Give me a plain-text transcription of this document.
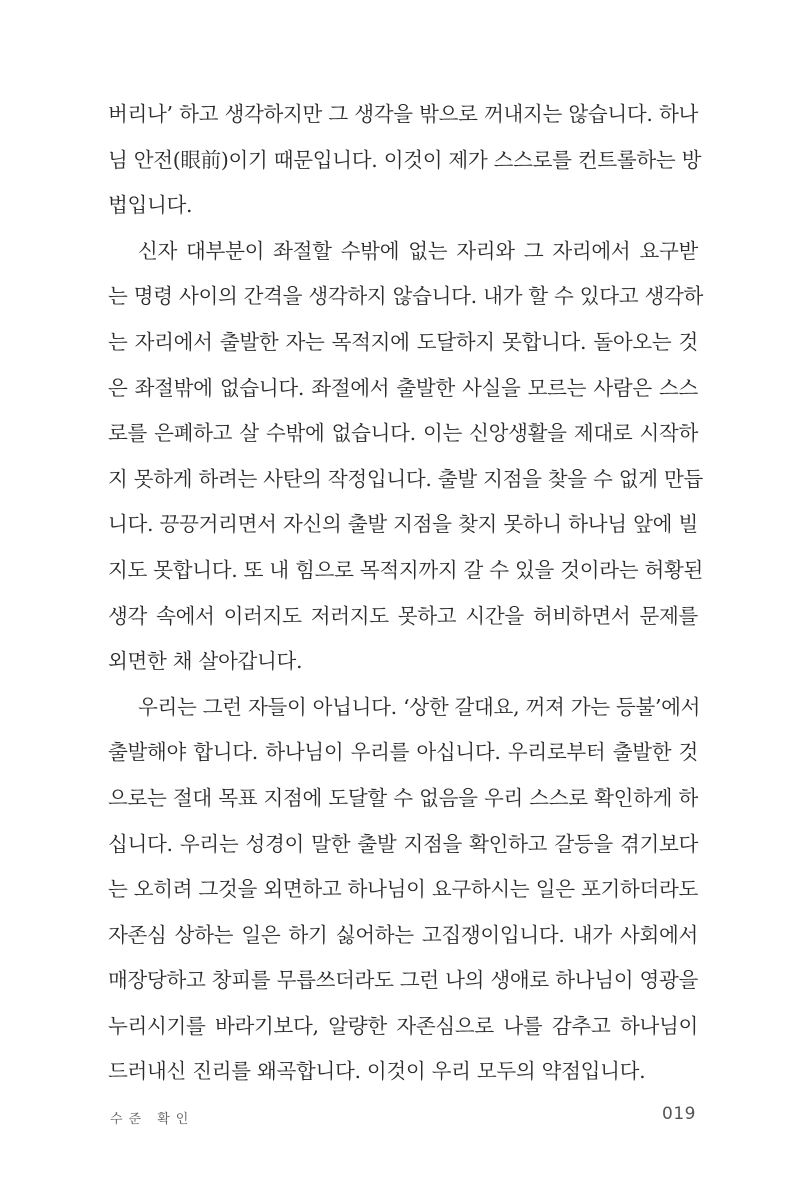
버리나’ 하고 생각하지만 그 생각을 밖으로 꺼내지는 않습니다. 하나
님 안전(眼前)이기 때문입니다. 이것이 제가 스스로를 컨트롤하는 방
법입니다.
신자 대부분이 좌절할 수밖에 없는 자리와 그 자리에서 요구받
는 명령 사이의 간격을 생각하지 않습니다. 내가 할 수 있다고 생각하
는 자리에서 출발한 자는 목적지에 도달하지 못합니다. 돌아오는 것
은 좌절밖에 없습니다. 좌절에서 출발한 사실을 모르는 사람은 스스
로를 은폐하고 살 수밖에 없습니다. 이는 신앙생활을 제대로 시작하
지 못하게 하려는 사탄의 작정입니다. 출발 지점을 찾을 수 없게 만듭
니다. 끙끙거리면서 자신의 출발 지점을 찾지 못하니 하나님 앞에 빌
지도 못합니다. 또 내 힘으로 목적지까지 갈 수 있을 것이라는 허황된
생각 속에서 이러지도 저러지도 못하고 시간을 허비하면서 문제를
외면한 채 살아갑니다.
우리는 그런 자들이 아닙니다. ‘상한 갈대요, 꺼져 가는 등불’에서
출발해야 합니다. 하나님이 우리를 아십니다. 우리로부터 출발한 것
으로는 절대 목표 지점에 도달할 수 없음을 우리 스스로 확인하게 하
십니다. 우리는 성경이 말한 출발 지점을 확인하고 갈등을 겪기보다
는 오히려 그것을 외면하고 하나님이 요구하시는 일은 포기하더라도
자존심 상하는 일은 하기 싫어하는 고집쟁이입니다. 내가 사회에서
매장당하고 창피를 무릅쓰더라도 그런 나의 생애로 하나님이 영광을
누리시기를 바라기보다, 알량한 자존심으로 나를 감추고 하나님이
드러내신 진리를 왜곡합니다. 이것이 우리 모두의 약점입니다.
수준 확인	019
